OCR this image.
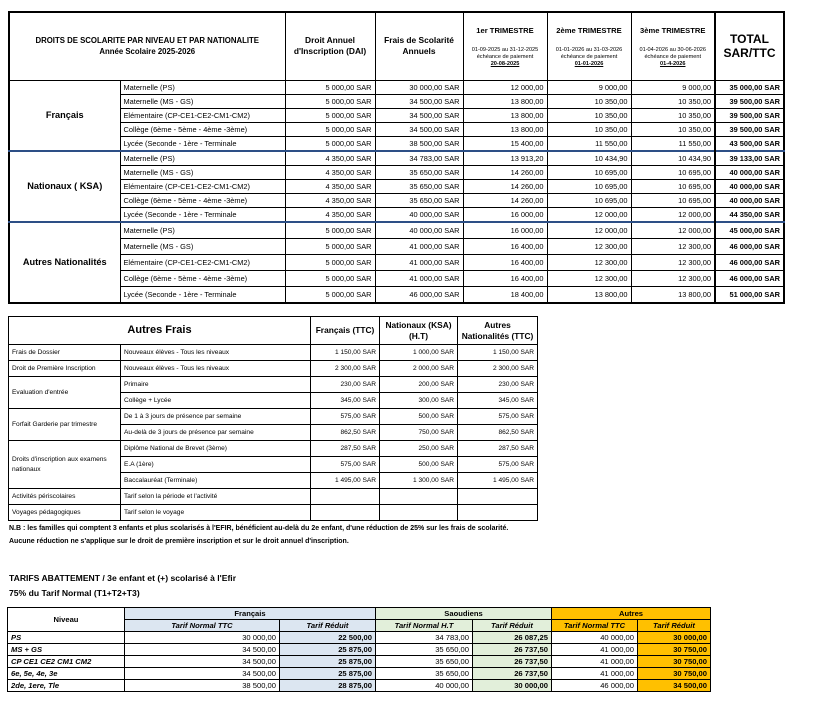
DROITS DE SCOLARITE PAR NIVEAU ET PAR NATIONALITE
Année Scolaire 2025-2026		Droit Annuel d'Inscription (DAI)	Frais de Scolarité Annuels	1er TRIMESTRE

01-09-2025 au 31-12-2025
échéance de paiement
20-08-2025	2ème TRIMESTRE

01-01-2026 au 31-03-2026
échéance de paiement
01-01-2026	3ème TRIMESTRE

01-04-2026 au 30-06-2026
échéance de paiement
01-4-2026	TOTAL SAR/TTC
Français	Maternelle (PS)	5 000,00 SAR	30 000,00 SAR	12 000,00	9 000,00	9 000,00	35 000,00 SAR
	Maternelle (MS - GS)	5 000,00 SAR	34 500,00 SAR	13 800,00	10 350,00	10 350,00	39 500,00 SAR
	Elémentaire (CP-CE1-CE2-CM1-CM2)	5 000,00 SAR	34 500,00 SAR	13 800,00	10 350,00	10 350,00	39 500,00 SAR
	Collège (6ème - 5ème - 4ème -3ème)	5 000,00 SAR	34 500,00 SAR	13 800,00	10 350,00	10 350,00	39 500,00 SAR
	Lycée (Seconde - 1ère - Terminale	5 000,00 SAR	38 500,00 SAR	15 400,00	11 550,00	11 550,00	43 500,00 SAR
Nationaux ( KSA)	Maternelle (PS)	4 350,00 SAR	34 783,00 SAR	13 913,20	10 434,90	10 434,90	39 133,00 SAR
	Maternelle (MS - GS)	4 350,00 SAR	35 650,00 SAR	14 260,00	10 695,00	10 695,00	40 000,00 SAR
	Elémentaire (CP-CE1-CE2-CM1-CM2)	4 350,00 SAR	35 650,00 SAR	14 260,00	10 695,00	10 695,00	40 000,00 SAR
	Collège (6ème - 5ème - 4ème -3ème)	4 350,00 SAR	35 650,00 SAR	14 260,00	10 695,00	10 695,00	40 000,00 SAR
	Lycée (Seconde - 1ère - Terminale	4 350,00 SAR	40 000,00 SAR	16 000,00	12 000,00	12 000,00	44 350,00 SAR
Autres Nationalités	Maternelle (PS)	5 000,00 SAR	40 000,00 SAR	16 000,00	12 000,00	12 000,00	45 000,00 SAR
	Maternelle (MS - GS)	5 000,00 SAR	41 000,00 SAR	16 400,00	12 300,00	12 300,00	46 000,00 SAR
	Elémentaire (CP-CE1-CE2-CM1-CM2)	5 000,00 SAR	41 000,00 SAR	16 400,00	12 300,00	12 300,00	46 000,00 SAR
	Collège (6ème - 5ème - 4ème -3ème)	5 000,00 SAR	41 000,00 SAR	16 400,00	12 300,00	12 300,00	46 000,00 SAR
	Lycée (Seconde - 1ère - Terminale	5 000,00 SAR	46 000,00 SAR	18 400,00	13 800,00	13 800,00	51 000,00 SAR
Autres Frais		Français (TTC)	Nationaux (KSA) (H.T)	Autres Nationalités (TTC)
Frais de Dossier	Nouveaux élèves - Tous les niveaux	1 150,00 SAR	1 000,00 SAR	1 150,00 SAR
Droit de Première Inscription	Nouveaux élèves - Tous les niveaux	2 300,00 SAR	2 000,00 SAR	2 300,00 SAR
Evaluation d'entrée	Primaire	230,00 SAR	200,00 SAR	230,00 SAR
	Collège + Lycée	345,00 SAR	300,00 SAR	345,00 SAR
Forfait Garderie par trimestre	De 1 à 3 jours de présence par semaine	575,00 SAR	500,00 SAR	575,00 SAR
	Au-delà de 3 jours de présence par semaine	862,50 SAR	750,00 SAR	862,50 SAR
Droits d'inscription aux examens nationaux	Diplôme National de Brevet (3ème)	287,50 SAR	250,00 SAR	287,50 SAR
	E.A (1ère)	575,00 SAR	500,00 SAR	575,00 SAR
	Baccalauréat (Terminale)	1 495,00 SAR	1 300,00 SAR	1 495,00 SAR
Activités périscolaires	Tarif selon la période et l'activité			
Voyages pédagogiques	Tarif selon le voyage			
N.B : les familles qui comptent 3 enfants et plus scolarisés à l'EFIR, bénéficient au-delà du 2e enfant, d'une réduction de 25% sur les frais de scolarité.
Aucune réduction ne s'applique sur le droit de première inscription et sur le droit annuel d'inscription.
TARIFS ABATTEMENT / 3e enfant et (+) scolarisé à l'Efir
75% du Tarif Normal (T1+T2+T3)
Niveau	Français		Saoudiens		Autres	
	Tarif Normal TTC	Tarif Réduit	Tarif Normal H.T	Tarif Réduit	Tarif Normal TTC	Tarif Réduit
PS	30 000,00	22 500,00	34 783,00	26 087,25	40 000,00	30 000,00
MS + GS	34 500,00	25 875,00	35 650,00	26 737,50	41 000,00	30 750,00
CP CE1 CE2 CM1 CM2	34 500,00	25 875,00	35 650,00	26 737,50	41 000,00	30 750,00
6e, 5e, 4e, 3e	34 500,00	25 875,00	35 650,00	26 737,50	41 000,00	30 750,00
2de, 1ere, Tle	38 500,00	28 875,00	40 000,00	30 000,00	46 000,00	34 500,00
